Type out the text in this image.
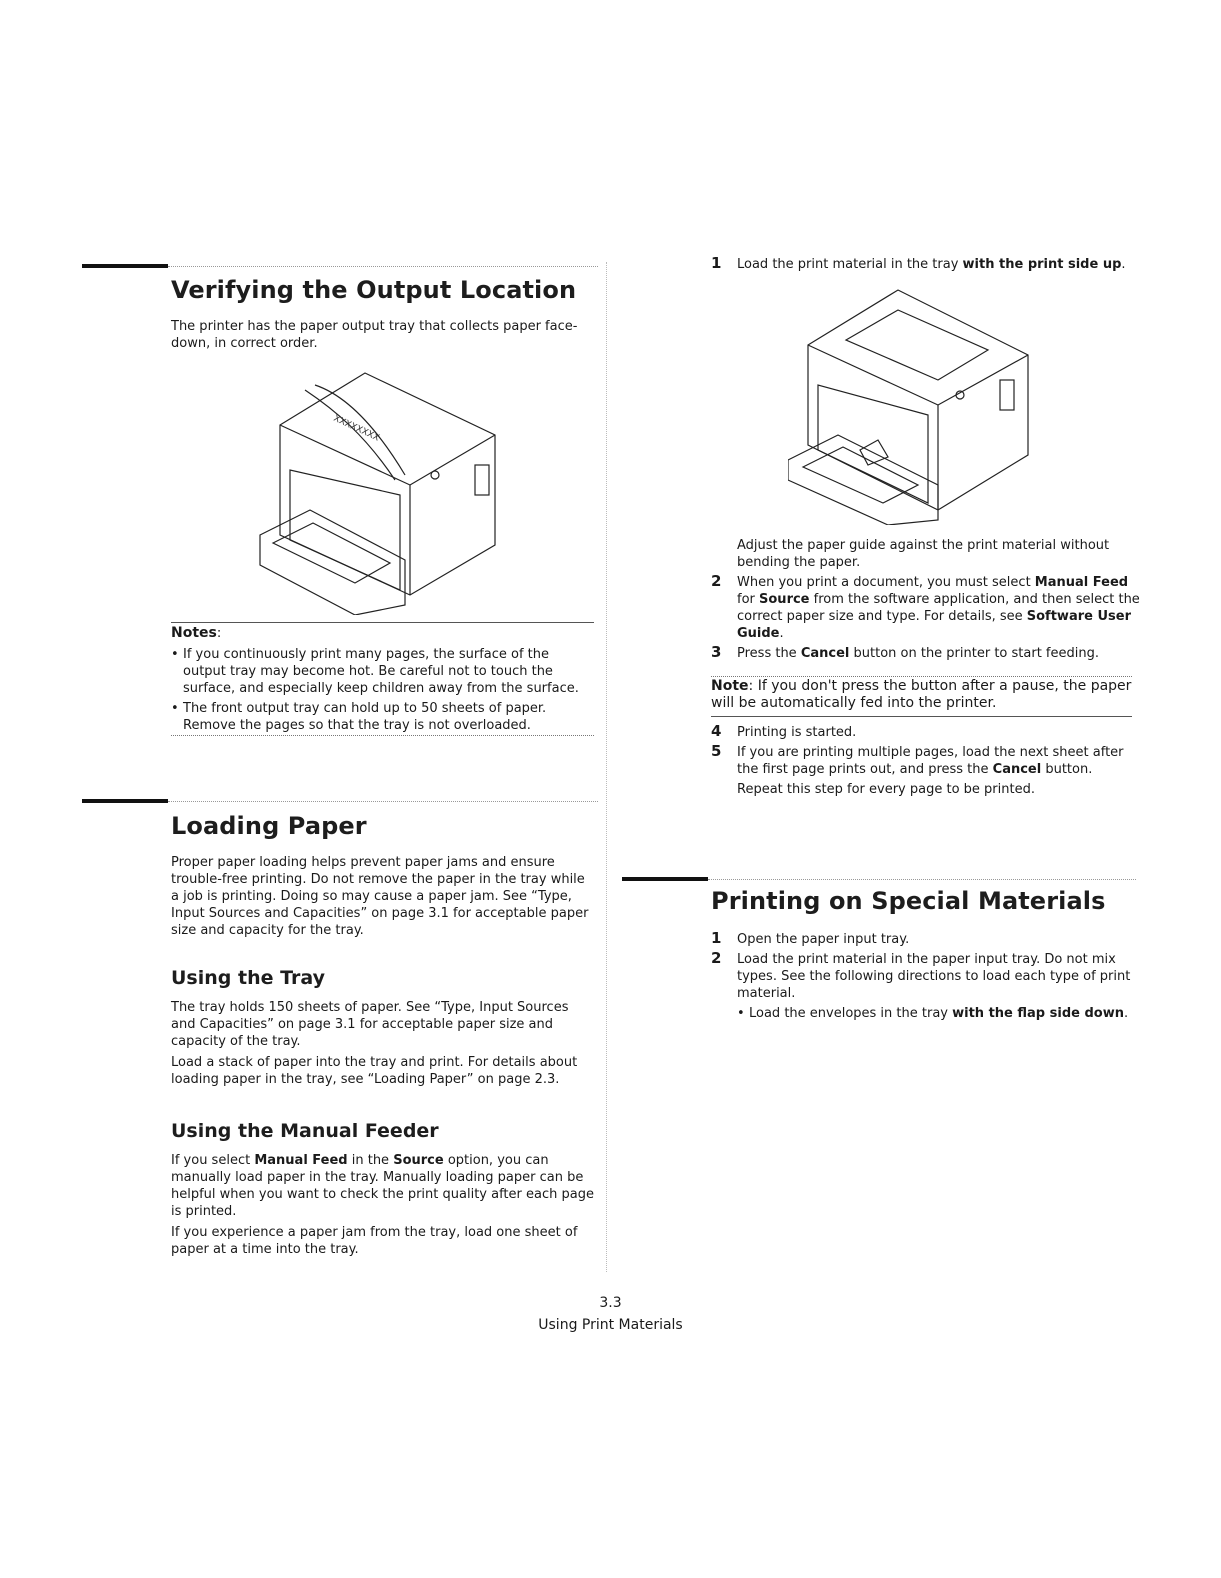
Verifying the Output Location

The printer has the paper output tray that collects paper face-down, in correct order.

XXXXXXXX
Notes:
• If you continuously print many pages, the surface of the output tray may become hot. Be careful not to touch the surface, and especially keep children away from the surface.
• The front output tray can hold up to 50 sheets of paper. Remove the pages so that the tray is not overloaded.
Loading Paper

Proper paper loading helps prevent paper jams and ensure trouble-free printing. Do not remove the paper in the tray while a job is printing. Doing so may cause a paper jam. See “Type, Input Sources and Capacities” on page 3.1 for acceptable paper size and capacity for the tray.

Using the Tray

The tray holds 150 sheets of paper. See “Type, Input Sources and Capacities” on page 3.1 for acceptable paper size and capacity of the tray.

Load a stack of paper into the tray and print. For details about loading paper in the tray, see “Loading Paper” on page 2.3.

Using the Manual Feeder

If you select Manual Feed in the Source option, you can manually load paper in the tray. Manually loading paper can be helpful when you want to check the print quality after each page is printed.

If you experience a paper jam from the tray, load one sheet of paper at a time into the tray.

1 Load the print material in the tray with the print side up.

Adjust the paper guide against the print material without bending the paper.

2 When you print a document, you must select Manual Feed for Source from the software application, and then select the correct paper size and type. For details, see Software User Guide.
3 Press the Cancel button on the printer to start feeding.

Note: If you don't press the button after a pause, the paper will be automatically fed into the printer.

4 Printing is started.
5 If you are printing multiple pages, load the next sheet after the first page prints out, and press the Cancel button.

Repeat this step for every page to be printed.

Printing on Special Materials
1 Open the paper input tray.
2 Load the print material in the paper input tray. Do not mix types. See the following directions to load each type of print material.
• Load the envelopes in the tray with the flap side down.
3.3
Using Print Materials
